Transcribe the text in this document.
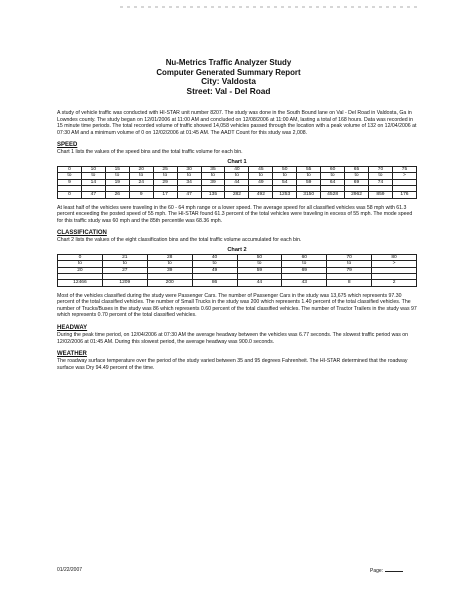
Nu-Metrics Traffic Analyzer Study
Computer Generated Summary Report
City: Valdosta
Street: Val - Del Road

A study of vehicle traffic was conducted with HI-STAR unit number 8207. The study was done in the South Bound lane on Val - Del Road in Valdosta, Ga in Lowndes county. The study began on 12/01/2006 at 11:00 AM and concluded on 12/08/2006 at 11:00 AM, lasting a total of 168 hours. Data was recorded in 15 minute time periods. The total recorded volume of traffic showed 14,058 vehicles passed through the location with a peak volume of 132 on 12/04/2006 at 07:30 AM and a minimum volume of 0 on 12/02/2006 at 01:45 AM. The AADT Count for this study was 2,008.

SPEED

Chart 1 lists the values of the speed bins and the total traffic volume for each bin.

Chart 1
0	10	15	20	25	30	35	40	45	50	55	60	65	70	75
to	to	to	to	to	to	to	to	to	to	to	to	to	to	>
9	14	19	24	29	34	39	44	49	54	59	64	69	74	

0	47	26	9	17	47	135	282	492	1253	3150	4528	2962	859	176

At least half of the vehicles were traveling in the 60 - 64 mph range or a lower speed. The average speed for all classified vehicles was 58 mph with 61.3 percent exceeding the posted speed of 55 mph. The HI-STAR found 61.3 percent of the total vehicles were traveling in excess of 55 mph. The mode speed for this traffic study was 60 mph and the 85th percentile was 68.36 mph.

CLASSIFICATION

Chart 2 lists the values of the eight classification bins and the total traffic volume accumulated for each bin.

Chart 2
0	21	28	40	50	60	70	80
to	to	to	to	to	to	to	>
20	27	39	49	59	69	79	

12466	1209	200	86	44	43	8	2

Most of the vehicles classified during the study were Passenger Cars. The number of Passenger Cars in the study was 13,675 which represents 97.30 percent of the total classified vehicles. The number of Small Trucks in the study was 200 which represents 1.40 percent of the total classified vehicles. The number of Trucks/Buses in the study was 86 which represents 0.60 percent of the total classified vehicles. The number of Tractor Trailers in the study was 97 which represents 0.70 percent of the total classified vehicles.

HEADWAY

During the peak time period, on 12/04/2006 at 07:30 AM the average headway between the vehicles was 6.77 seconds. The slowest traffic period was on 12/02/2006 at 01:45 AM. During this slowest period, the average headway was 900.0 seconds.

WEATHER

The roadway surface temperature over the period of the study varied between 35 and 95 degrees Fahrenheit. The HI-STAR determined that the roadway surface was Dry 94.49 percent of the time.

01/22/2007	Page:
